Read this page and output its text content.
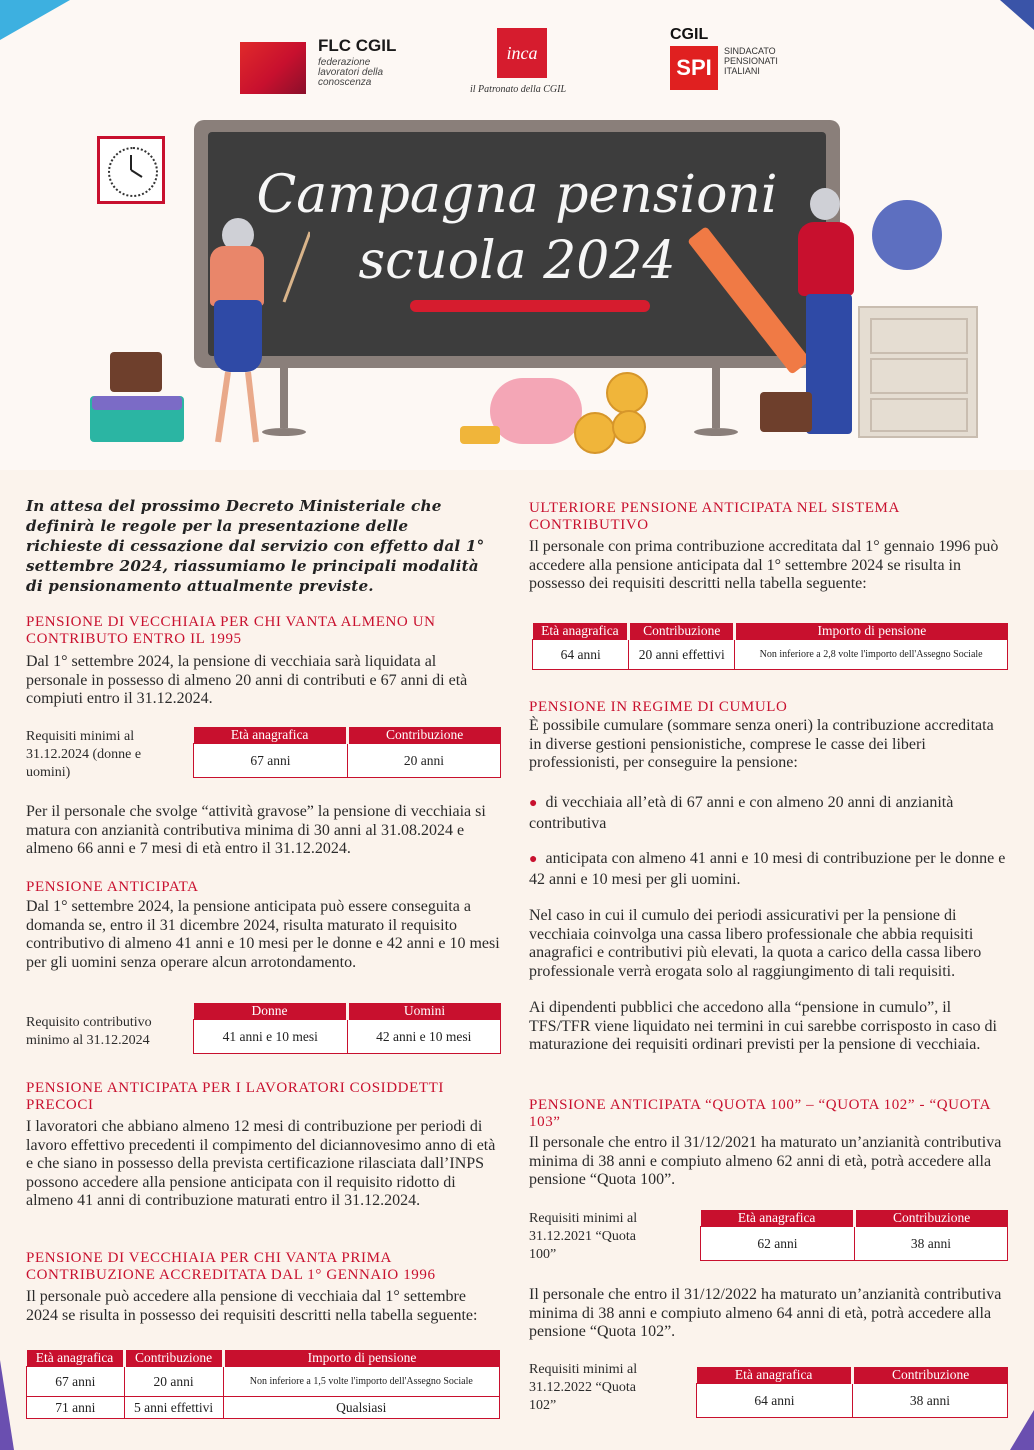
FLC CGIL
federazione lavoratori della conoscenza
inca
il Patronato della CGIL
CGIL
SPI
SINDACATO PENSIONATI ITALIANI
Campagna pensioni
scuola 2024
In attesa del prossimo Decreto Ministeriale che definirà le regole per la presentazione delle richieste di cessazione dal servizio con effetto dal 1° settembre 2024, riassumiamo le principali modalità di pensionamento attualmente previste.
PENSIONE DI VECCHIAIA PER CHI VANTA ALMENO UN CONTRIBUTO ENTRO IL 1995
Dal 1° settembre 2024, la pensione di vecchiaia sarà liquidata al personale in possesso di almeno 20 anni di contributi e 67 anni di età compiuti entro il 31.12.2024.
Requisiti minimi al 31.12.2024 (donne e uomini)
Età anagrafica	Contribuzione
67 anni	20 anni
Per il personale che svolge “attività gravose” la pensione di vecchiaia si matura con anzianità contributiva minima di 30 anni al 31.08.2024 e almeno 66 anni e 7 mesi di età entro il 31.12.2024.
PENSIONE ANTICIPATA
Dal 1° settembre 2024, la pensione anticipata può essere conseguita a domanda se, entro il 31 dicembre 2024, risulta maturato il requisito contributivo di almeno 41 anni e 10 mesi per le donne e 42 anni e 10 mesi per gli uomini senza operare alcun arrotondamento.
Requisito contributivo minimo al 31.12.2024
Donne	Uomini
41 anni e 10 mesi	42 anni e 10 mesi
PENSIONE ANTICIPATA PER I LAVORATORI COSIDDETTI PRECOCI
I lavoratori che abbiano almeno 12 mesi di contribuzione per periodi di lavoro effettivo precedenti il compimento del diciannovesimo anno di età e che siano in possesso della prevista certificazione rilasciata dall’INPS possono accedere alla pensione anticipata con il requisito ridotto di almeno 41 anni di contribuzione maturati entro il 31.12.2024.
PENSIONE DI VECCHIAIA PER CHI VANTA PRIMA CONTRIBUZIONE ACCREDITATA DAL 1° GENNAIO 1996
Il personale può accedere alla pensione di vecchiaia dal 1° settembre 2024 se risulta in possesso dei requisiti descritti nella tabella seguente:
Età anagrafica	Contribuzione	Importo di pensione
67 anni	20 anni	Non inferiore a 1,5 volte l'importo dell'Assegno Sociale
71 anni	5 anni effettivi	Qualsiasi
ULTERIORE PENSIONE ANTICIPATA NEL SISTEMA CONTRIBUTIVO
Il personale con prima contribuzione accreditata dal 1° gennaio 1996 può accedere alla pensione anticipata dal 1° settembre 2024 se risulta in possesso dei requisiti descritti nella tabella seguente:
Età anagrafica	Contribuzione	Importo di pensione
64 anni	20 anni effettivi	Non inferiore a 2,8 volte l'importo dell'Assegno Sociale
PENSIONE IN REGIME DI CUMULO
È possibile cumulare (sommare senza oneri) la contribuzione accreditata in diverse gestioni pensionistiche, comprese le casse dei liberi professionisti, per conseguire la pensione:
● di vecchiaia all’età di 67 anni e con almeno 20 anni di anzianità contributiva
● anticipata con almeno 41 anni e 10 mesi di contribuzione per le donne e 42 anni e 10 mesi per gli uomini.
Nel caso in cui il cumulo dei periodi assicurativi per la pensione di vecchiaia coinvolga una cassa libero professionale che abbia requisiti anagrafici e contributivi più elevati, la quota a carico della cassa libero professionale verrà erogata solo al raggiungimento di tali requisiti.
Ai dipendenti pubblici che accedono alla “pensione in cumulo”, il TFS/TFR viene liquidato nei termini in cui sarebbe corrisposto in caso di maturazione dei requisiti ordinari previsti per la pensione di vecchiaia.
PENSIONE ANTICIPATA “QUOTA 100” – “QUOTA 102” - “QUOTA 103”
Il personale che entro il 31/12/2021 ha maturato un’anzianità contributiva minima di 38 anni e compiuto almeno 62 anni di età, potrà accedere alla pensione “Quota 100”.
Requisiti minimi al 31.12.2021 “Quota 100”
Età anagrafica	Contribuzione
62 anni	38 anni
Il personale che entro il 31/12/2022 ha maturato un’anzianità contributiva minima di 38 anni e compiuto almeno 64 anni di età, potrà accedere alla pensione “Quota 102”.
Requisiti minimi al 31.12.2022 “Quota 102”
Età anagrafica	Contribuzione
64 anni	38 anni
